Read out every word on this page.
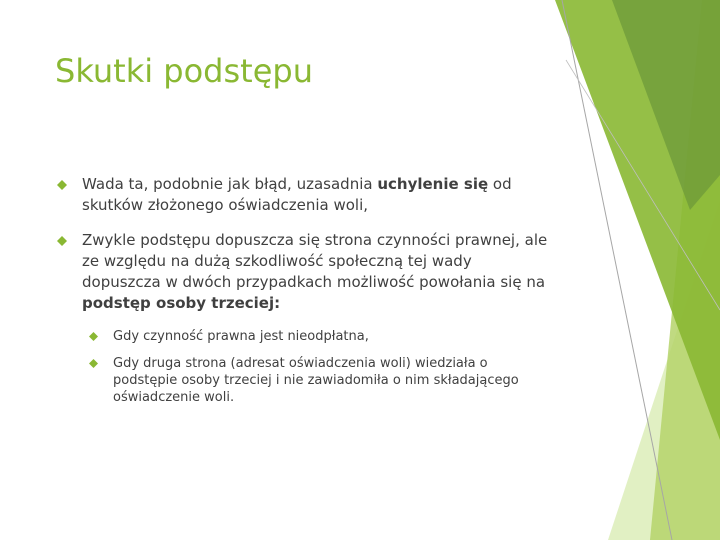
Skutki podstępu
Wada ta, podobnie jak błąd, uzasadnia uchylenie się od skutków złożonego oświadczenia woli,
Zwykle podstępu dopuszcza się strona czynności prawnej, ale ze względu na dużą szkodliwość społeczną tej wady dopuszcza w dwóch przypadkach możliwość powołania się na podstęp osoby trzeciej:
Gdy czynność prawna jest nieodpłatna,
Gdy druga strona (adresat oświadczenia woli) wiedziała o podstępie osoby trzeciej i nie zawiadomiła o nim składającego oświadczenie woli.
